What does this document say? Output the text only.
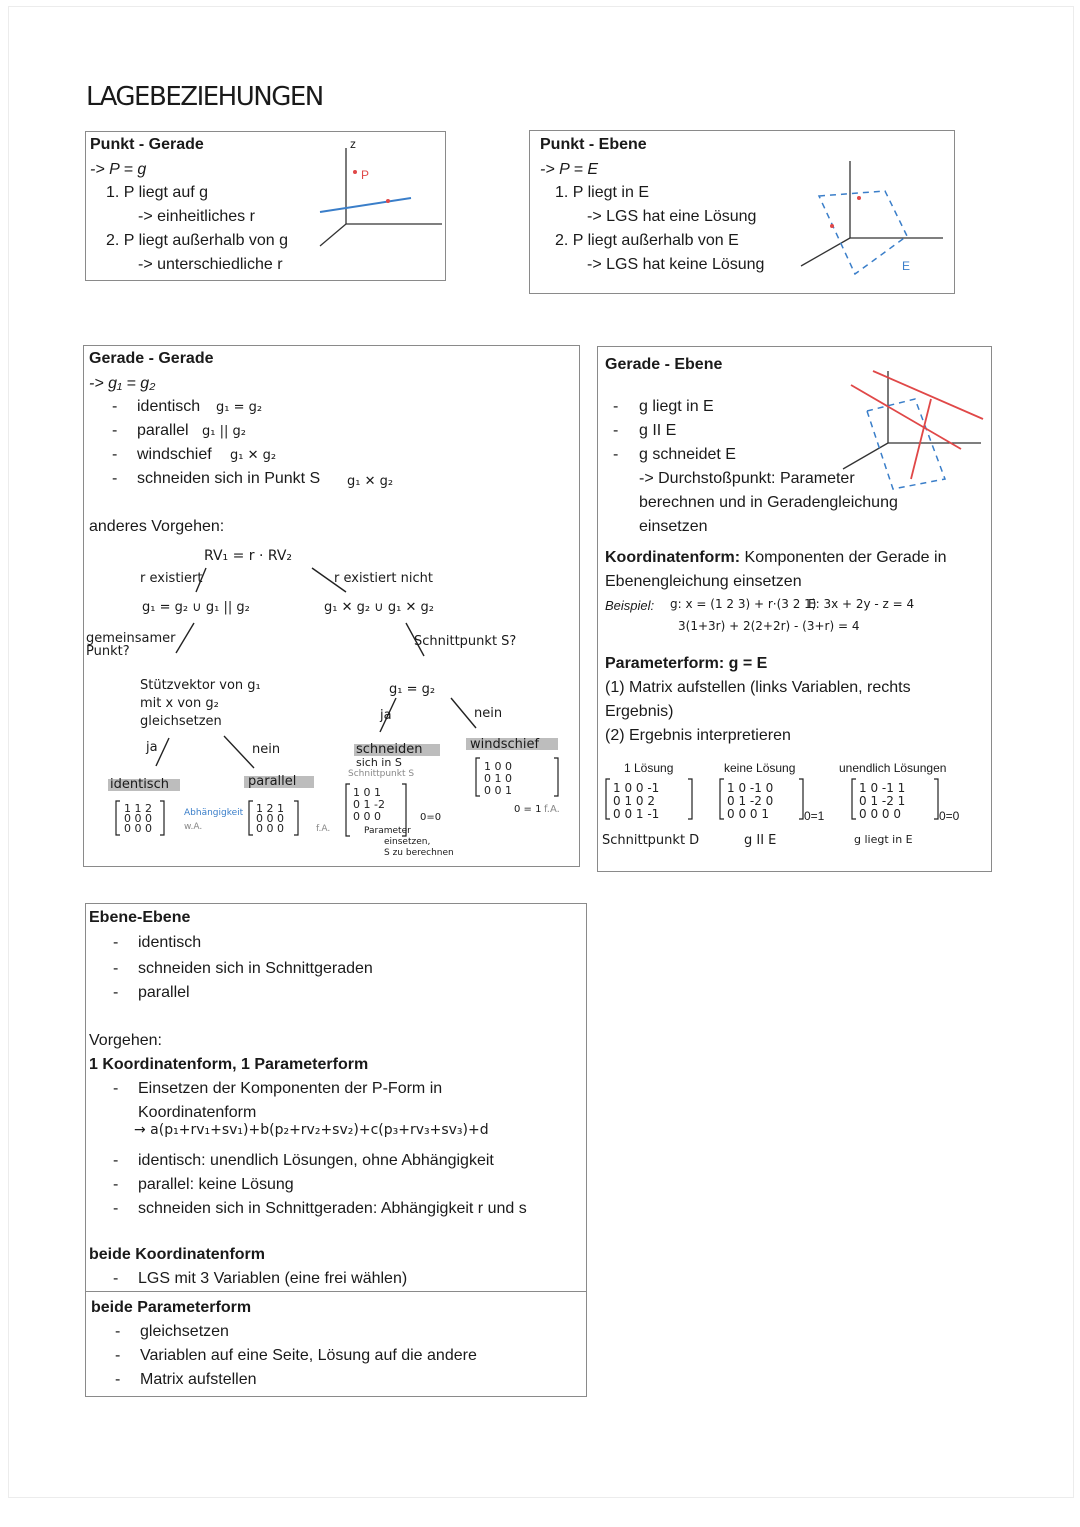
LAGEBEZIEHUNGEN
Punkt - Gerade
-> P = g
1. P liegt auf g
-> einheitliches r
2. P liegt außerhalb von g
-> unterschiedliche r
P
z	Punkt - Ebene
-> P = E
1. P liegt in E
-> LGS hat eine Lösung
2. P liegt außerhalb von E
-> LGS hat keine Lösung	E
Gerade - Gerade
-> g₁ = g₂
- identisch g₁ = g₂
- parallel g₁ || g₂
- windschief g₁ ✕ g₂
- schneiden sich in Punkt S g₁ ✕ g₂
anderes Vorgehen:
1 1 2
0 0 0
0 0 0
1 2 1
0 0 0
0 0 0
1 0 1
0 1 -2
0 0 0
1 0 0
0 1 0
0 0 1
RV₁ = r · RV₂
r existiert	r existiert nicht
g₁ = g₂ ∪ g₁ || g₂	g₁ ✕ g₂ ∪ g₁ ✕ g₂
gemeinsamer Punkt?
Schnittpunkt S?
Stützvektor von g₁
mit x von g₂
gleichsetzen
ja	nein
g₁ = g₂
ja	nein
identisch	parallel
schneiden
sich in S
Schnittpunkt S
windschief
Abhängigkeit
w.A.	f.A.	Parameter
einsetzen,
S zu berechnen
0 = 1 f.A.
0=0
Gerade - Ebene
- g liegt in E
- g II E
- g schneidet E
-> Durchstoßpunkt: Parameter
berechnen und in Geradengleichung
einsetzen
Koordinatenform: Komponenten der Gerade in
Ebenengleichung einsetzen
Beispiel: g: x = (1 2 3) + r·(3 2 1)
E: 3x + 2y - z = 4
3(1+3r) + 2(2+2r) - (3+r) = 4
Parameterform: g = E
(1) Matrix aufstellen (links Variablen, rechts
Ergebnis)
(2) Ergebnis interpretieren
1 Lösung	keine Lösung	unendlich Lösungen
1 0 0 -1
0 1 0 2
0 0 1 -1
1 0 -1 0
0 1 -2 0
0 0 0 1
1 0 -1 1
0 1 -2 1
0 0 0 0
0=1	0=0
Schnittpunkt D	g II E	g liegt in E
Ebene-Ebene
- identisch
- schneiden sich in Schnittgeraden
- parallel
Vorgehen:
1 Koordinatenform, 1 Parameterform
- Einsetzen der Komponenten der P-Form in
Koordinatenform
→ a(p₁+rv₁+sv₁)+b(p₂+rv₂+sv₂)+c(p₃+rv₃+sv₃)+d
- identisch: unendlich Lösungen, ohne Abhängigkeit
- parallel: keine Lösung
- schneiden sich in Schnittgeraden: Abhängigkeit r und s
beide Koordinatenform
- LGS mit 3 Variablen (eine frei wählen)
beide Parameterform
- gleichsetzen
- Variablen auf eine Seite, Lösung auf die andere
- Matrix aufstellen
